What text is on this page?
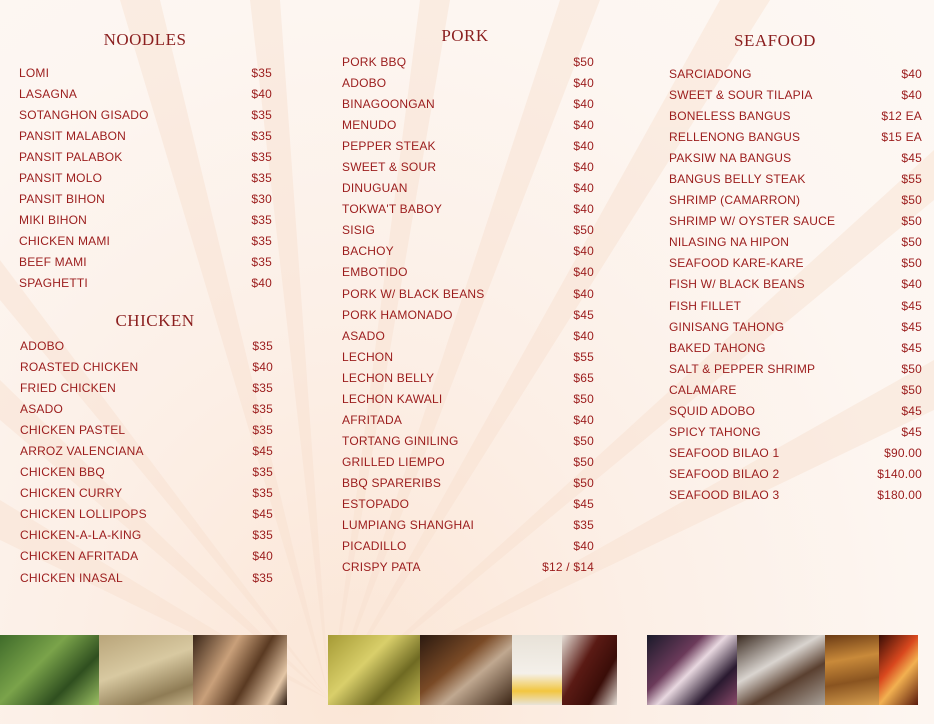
NOODLES
LOMI	$35
LASAGNA	$40
SOTANGHON GISADO	$35
PANSIT MALABON	$35
PANSIT PALABOK	$35
PANSIT MOLO	$35
PANSIT BIHON	$30
MIKI BIHON	$35
CHICKEN MAMI	$35
BEEF MAMI	$35
SPAGHETTI	$40
CHICKEN
ADOBO	$35
ROASTED CHICKEN	$40
FRIED CHICKEN	$35
ASADO	$35
CHICKEN PASTEL	$35
ARROZ VALENCIANA	$45
CHICKEN BBQ	$35
CHICKEN CURRY	$35
CHICKEN LOLLIPOPS	$45
CHICKEN-A-LA-KING	$35
CHICKEN AFRITADA	$40
CHICKEN INASAL	$35
PORK
PORK BBQ	$50
ADOBO	$40
BINAGOONGAN	$40
MENUDO	$40
PEPPER STEAK	$40
SWEET & SOUR	$40
DINUGUAN	$40
TOKWA'T BABOY	$40
SISIG	$50
BACHOY	$40
EMBOTIDO	$40
PORK W/ BLACK BEANS	$40
PORK HAMONADO	$45
ASADO	$40
LECHON	$55
LECHON BELLY	$65
LECHON KAWALI	$50
AFRITADA	$40
TORTANG GINILING	$50
GRILLED LIEMPO	$50
BBQ SPARERIBS	$50
ESTOPADO	$45
LUMPIANG SHANGHAI	$35
PICADILLO	$40
CRISPY PATA	$12 / $14
SEAFOOD
SARCIADONG	$40
SWEET & SOUR TILAPIA	$40
BONELESS BANGUS	$12 EA
RELLENONG BANGUS	$15 EA
PAKSIW NA BANGUS	$45
BANGUS BELLY STEAK	$55
SHRIMP (CAMARRON)	$50
SHRIMP W/ OYSTER SAUCE	$50
NILASING NA HIPON	$50
SEAFOOD KARE-KARE	$50
FISH W/ BLACK BEANS	$40
FISH FILLET	$45
GINISANG TAHONG	$45
BAKED TAHONG	$45
SALT & PEPPER SHRIMP	$50
CALAMARE	$50
SQUID ADOBO	$45
SPICY TAHONG	$45
SEAFOOD BILAO 1	$90.00
SEAFOOD BILAO 2	$140.00
SEAFOOD BILAO 3	$180.00
